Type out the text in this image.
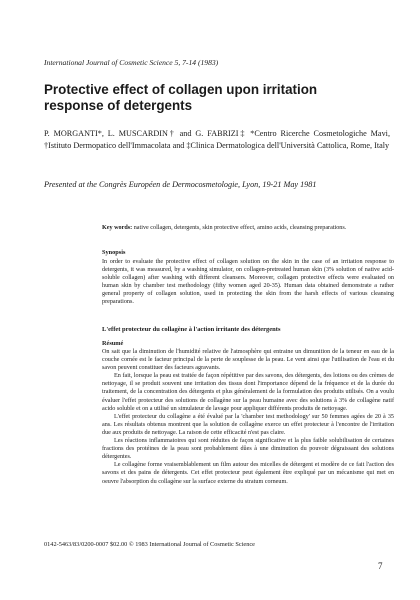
International Journal of Cosmetic Science 5, 7-14 (1983)
Protective effect of collagen upon irritation response of detergents
P. MORGANTI*, L. MUSCARDIN† and G. FABRIZI‡ *Centro Ricerche Cosmetologiche Mavi, †Istituto Dermopatico dell'Immacolata and ‡Clinica Dermatologica dell'Università Cattolica, Rome, Italy
Presented at the Congrès Européen de Dermocosmetologie, Lyon, 19-21 May 1981
Key words: native collagen, detergents, skin protective effect, amino acids, cleansing preparations.
Synopsis
In order to evaluate the protective effect of collagen solution on the skin in the case of an irritation response to detergents, it was measured, by a washing simulator, on collagen-pretreated human skin (3% solution of native acid-soluble collagen) after washing with different cleansers. Moreover, collagen protective effects were evaluated on human skin by chamber test methodology (fifty women aged 20-35). Human data obtained demonstrate a rather general property of collagen solution, used in protecting the skin from the harsh effects of various cleansing preparations.
L'effet protecteur du collagène à l'action irritante des détergents
Résumé

On sait que la diminution de l'humidité relative de l'atmosphère qui entraine un dimunition de la teneur en eau de la couche cornée est le facteur principal de la perte de souplesse de la peau. Le vent ainsi que l'utilisation de l'eau et du savon peuvent constituer des facteurs agravants.

En fait, lorsque la peau est traitée de façon répétitive par des savons, des détergents, des lotions ou des crèmes de nettoyage, il se produit souvent une irritation des tissus dont l'importance dépend de la fréquence et de la durée du traitement, de la concentration des détergents et plus généralement de la formulation des produits utilisés. On a voulu évaluer l'effet protecteur des solutions de collagène sur la peau humaine avec des solutions à 3% de collagène natif acido soluble et on a utilisé un simulateur de lavage pour appliquer différents produits de nettoyage.

L'effet protecteur du collagène a été évalué par la 'chamber test methodology' sur 50 femmes agées de 20 à 35 ans. Les résultats obtenus montrent que la solution de collagène exerce un effet protecteur à l'encontre de l'irritation due aux produits de nettoyage. La raison de cette efficacité n'est pas claire.

Les réactions inflammatoires qui sont réduites de façon significative et la plus faible solubilisation de certaines fractions des protéines de la peau sont probablement dûes à une diminution du pouvoir dégraissant des solutions détergentes.

Le collagène forme vraisemblablement un film autour des micelles de détergent et modère de ce fait l'action des savons et des pains de détergents. Cet effet protecteur peut également être expliqué par un mécanisme qui met en oeuvre l'absorption du collagène sur la surface externe du stratum corneum.

0142-5463/83/0200-0007 $02.00 © 1983 International Journal of Cosmetic Science
7
